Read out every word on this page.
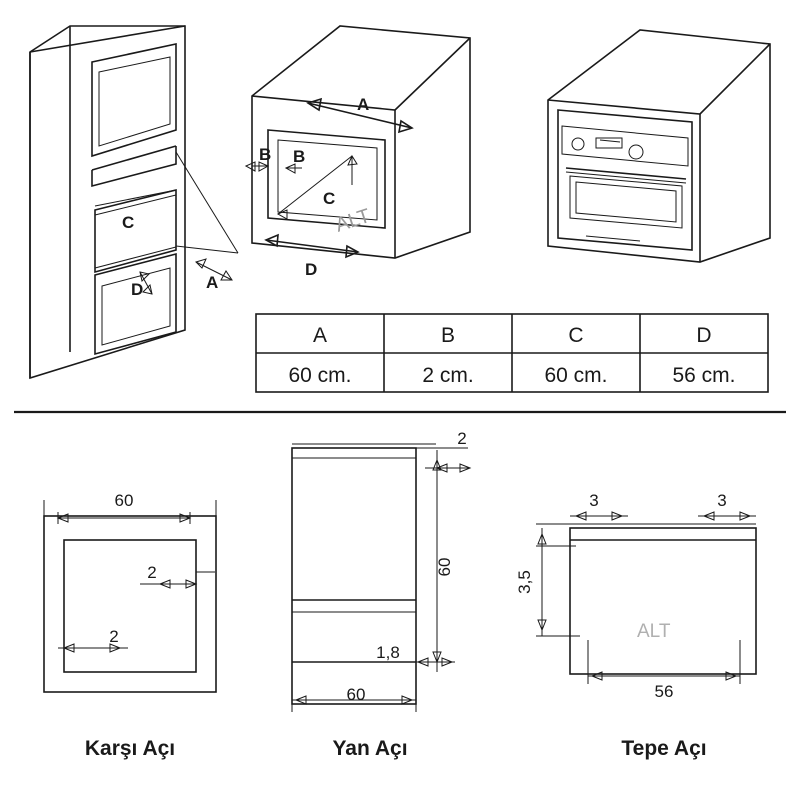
C
D	A
A
B B
C
D
ALT
ALT
A	B	C	D
60 cm.	2 cm.	60 cm.	56 cm.
60
2
2
2
60
1,8
60
3	3
3,5
56
Karşı Açı	Yan Açı	Tepe Açı
